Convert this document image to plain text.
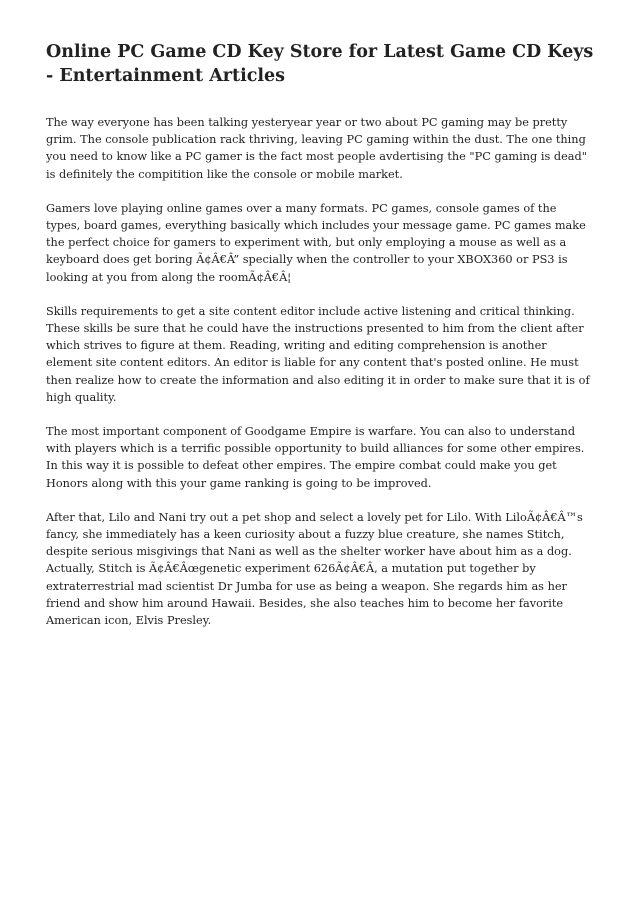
Online PC Game CD Key Store for Latest Game CD Keys - Entertainment Articles

The way everyone has been talking yesteryear year or two about PC gaming may be pretty grim. The console publication rack thriving, leaving PC gaming within the dust. The one thing you need to know like a PC gamer is the fact most people avdertising the "PC gaming is dead" is definitely the compitition like the console or mobile market.

Gamers love playing online games over a many formats. PC games, console games of the types, board games, everything basically which includes your message game. PC games make the perfect choice for gamers to experiment with, but only employing a mouse as well as a keyboard does get boring Ã¢Â€Â” specially when the controller to your XBOX360 or PS3 is looking at you from along the roomÃ¢Â€Â¦

Skills requirements to get a site content editor include active listening and critical thinking. These skills be sure that he could have the instructions presented to him from the client after which strives to figure at them. Reading, writing and editing comprehension is another element site content editors. An editor is liable for any content that's posted online. He must then realize how to create the information and also editing it in order to make sure that it is of high quality.

The most important component of Goodgame Empire is warfare. You can also to understand with players which is a terrific possible opportunity to build alliances for some other empires. In this way it is possible to defeat other empires. The empire combat could make you get Honors along with this your game ranking is going to be improved.

After that, Lilo and Nani try out a pet shop and select a lovely pet for Lilo. With LiloÃ¢Â€Â™s fancy, she immediately has a keen curiosity about a fuzzy blue creature, she names Stitch, despite serious misgivings that Nani as well as the shelter worker have about him as a dog. Actually, Stitch is Ã¢Â€Âœgenetic experiment 626Ã¢Â€Â, a mutation put together by extraterrestrial mad scientist Dr Jumba for use as being a weapon. She regards him as her friend and show him around Hawaii. Besides, she also teaches him to become her favorite American icon, Elvis Presley.
